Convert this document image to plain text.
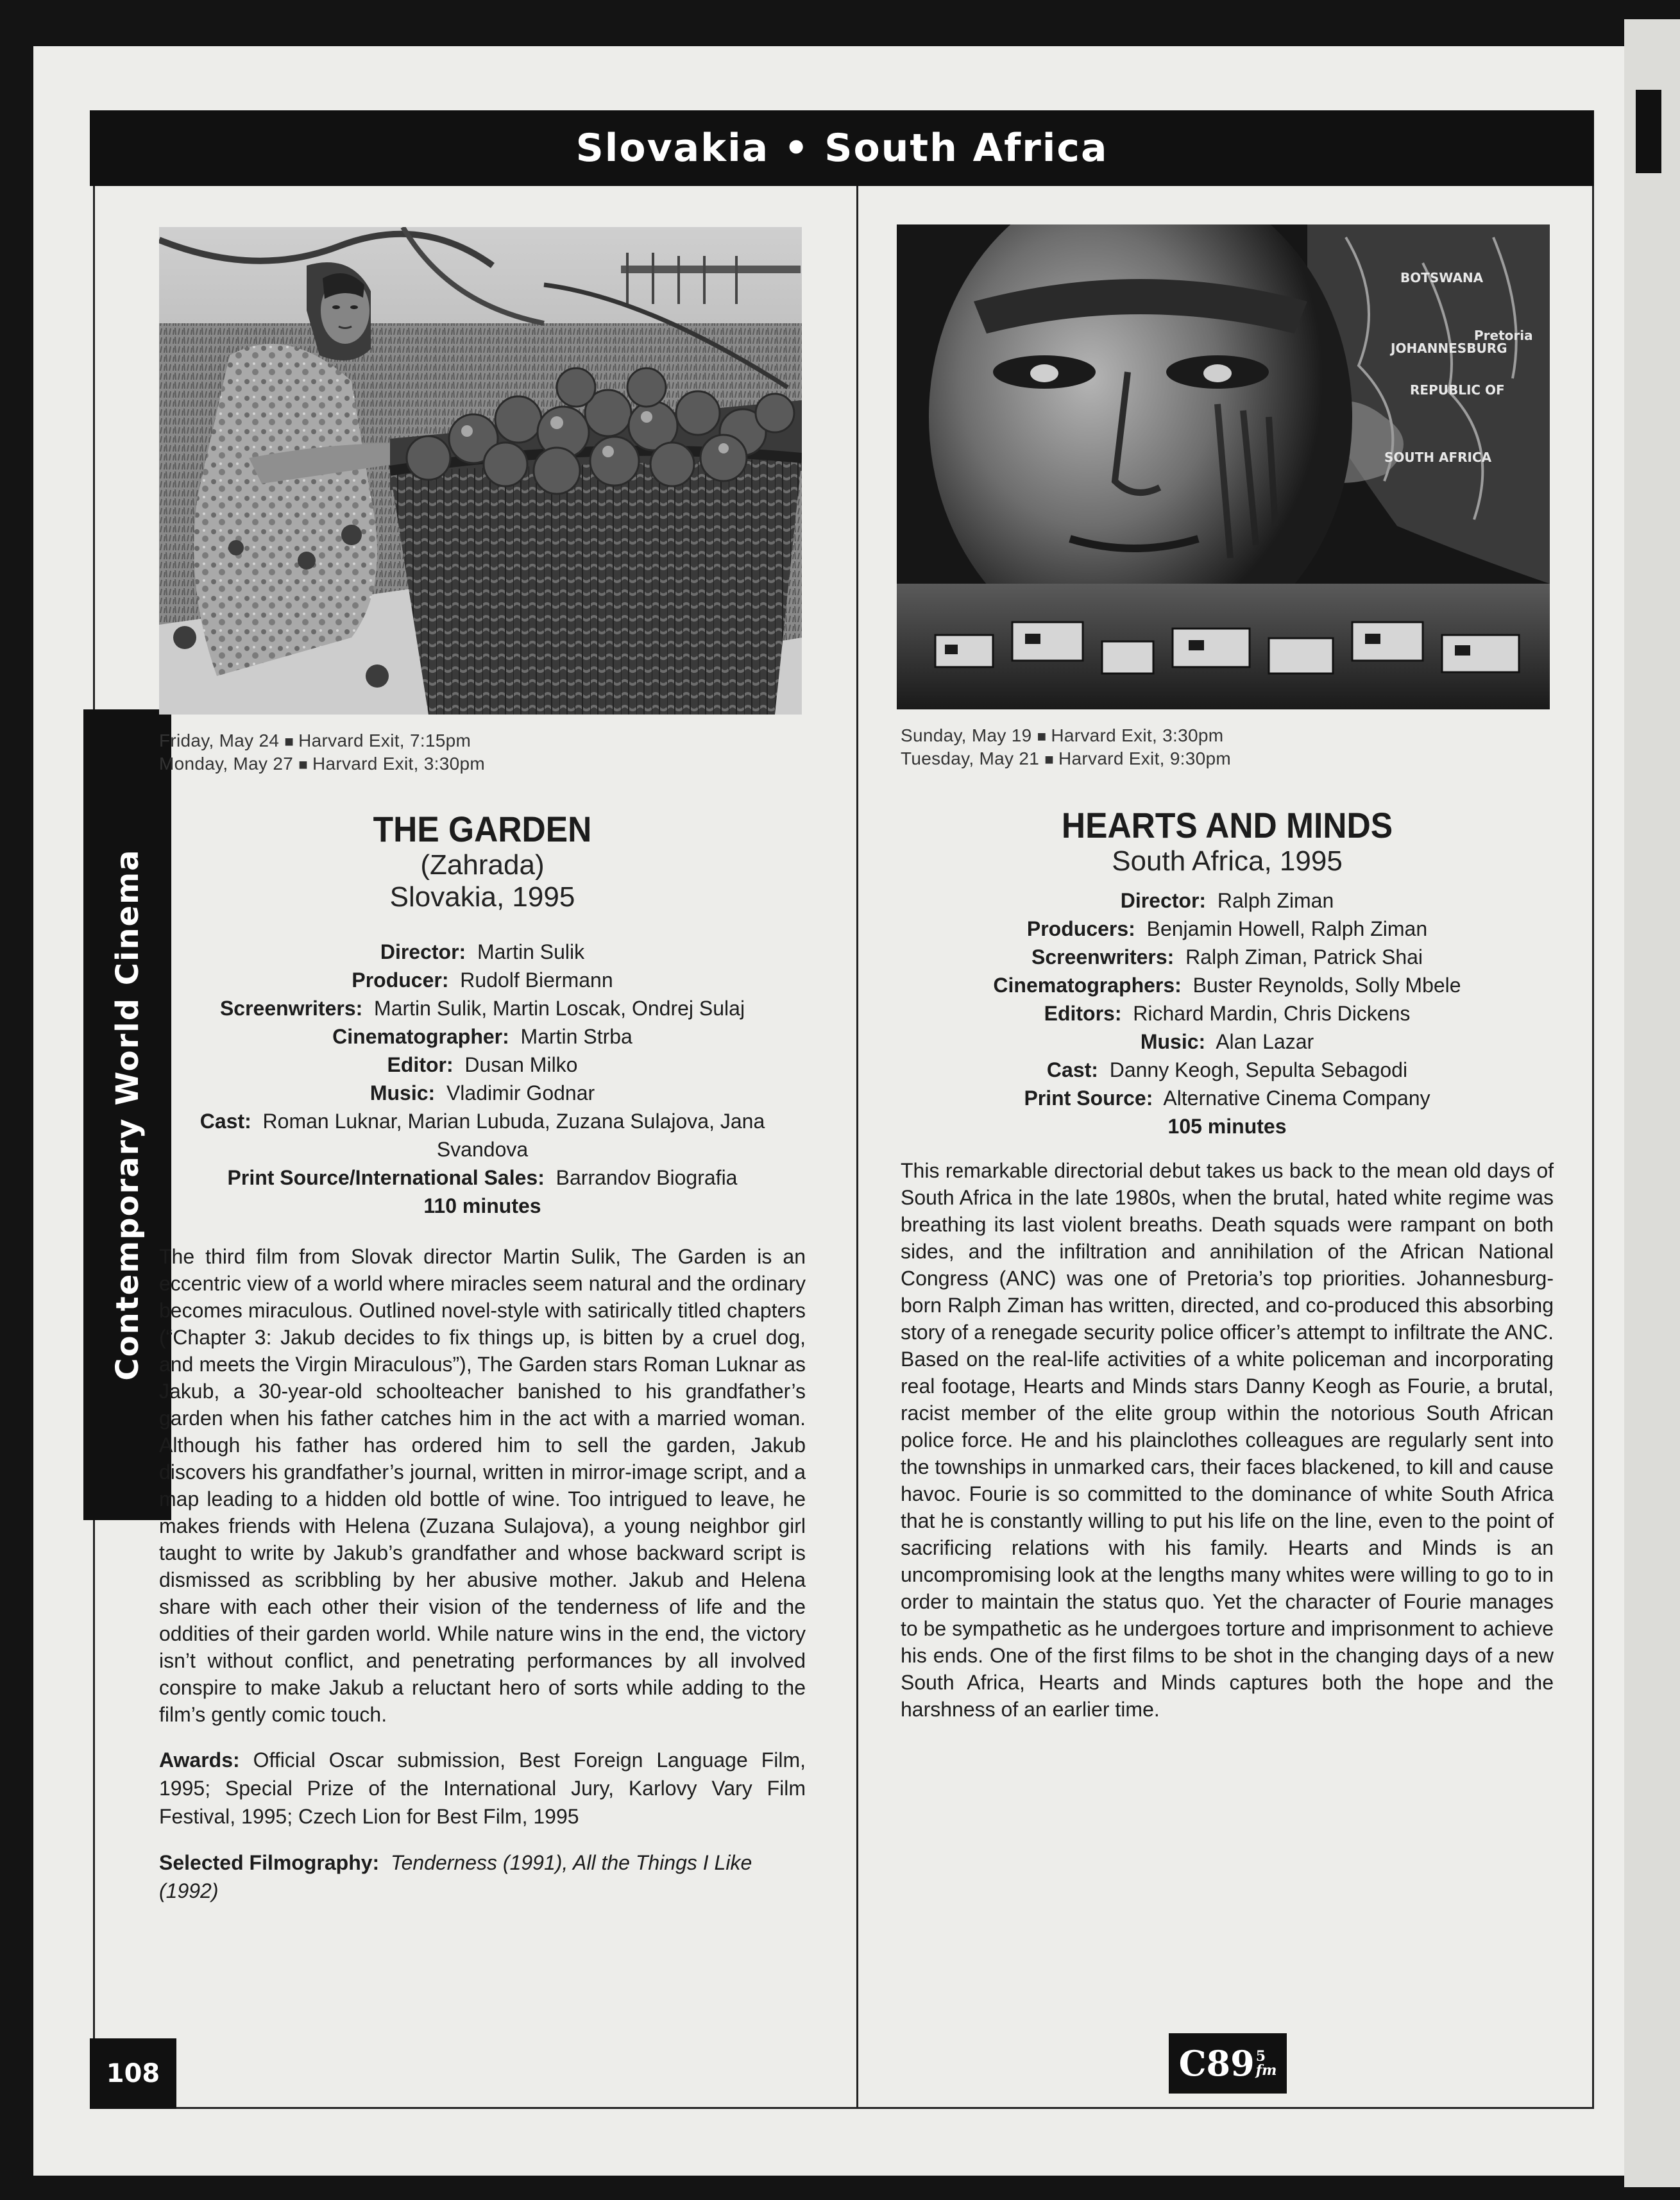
Slovakia • South Africa
Contemporary World Cinema
108
BOTSWANA
JOHANNESBURG
Pretoria
REPUBLIC OF
SOUTH AFRICA
Friday, May 24 ■ Harvard Exit, 7:15pm
Monday, May 27 ■ Harvard Exit, 3:30pm
THE GARDEN
(Zahrada)
Slovakia, 1995
Director: Martin Sulik
Producer: Rudolf Biermann
Screenwriters: Martin Sulik, Martin Loscak, Ondrej Sulaj
Cinematographer: Martin Strba
Editor: Dusan Milko
Music: Vladimir Godnar
Cast: Roman Luknar, Marian Lubuda, Zuzana Sulajova, Jana Svandova
Print Source/International Sales: Barrandov Biografia
110 minutes
The third film from Slovak director Martin Sulik, The Garden is an eccentric view of a world where miracles seem natural and the ordinary becomes miraculous. Outlined novel-style with satirically titled chapters (“Chapter 3: Jakub decides to fix things up, is bitten by a cruel dog, and meets the Virgin Miraculous”), The Garden stars Roman Luknar as Jakub, a 30-year-old schoolteacher banished to his grandfather’s garden when his father catches him in the act with a married woman. Although his father has ordered him to sell the garden, Jakub discovers his grandfather’s journal, written in mirror-image script, and a map leading to a hidden old bottle of wine. Too intrigued to leave, he makes friends with Helena (Zuzana Sulajova), a young neighbor girl taught to write by Jakub’s grandfather and whose backward script is dismissed as scribbling by her abusive mother. Jakub and Helena share with each other their vision of the tenderness of life and the oddities of their garden world. While nature wins in the end, the victory isn’t without conflict, and penetrating performances by all involved conspire to make Jakub a reluctant hero of sorts while adding to the film’s gently comic touch.
Awards: Official Oscar submission, Best Foreign Language Film, 1995; Special Prize of the International Jury, Karlovy Vary Film Festival, 1995; Czech Lion for Best Film, 1995
Selected Filmography: Tenderness (1991), All the Things I Like (1992)
Sunday, May 19 ■ Harvard Exit, 3:30pm
Tuesday, May 21 ■ Harvard Exit, 9:30pm
HEARTS AND MINDS
South Africa, 1995
Director: Ralph Ziman
Producers: Benjamin Howell, Ralph Ziman
Screenwriters: Ralph Ziman, Patrick Shai
Cinematographers: Buster Reynolds, Solly Mbele
Editors: Richard Mardin, Chris Dickens
Music: Alan Lazar
Cast: Danny Keogh, Sepulta Sebagodi
Print Source: Alternative Cinema Company
105 minutes
This remarkable directorial debut takes us back to the mean old days of South Africa in the late 1980s, when the brutal, hated white regime was breathing its last violent breaths. Death squads were rampant on both sides, and the infiltration and annihilation of the African National Congress (ANC) was one of Pretoria’s top priorities. Johannesburg-born Ralph Ziman has written, directed, and co-produced this absorbing story of a renegade security police officer’s attempt to infiltrate the ANC. Based on the real-life activities of a white policeman and incorporating real footage, Hearts and Minds stars Danny Keogh as Fourie, a brutal, racist member of the elite group within the notorious South African police force. He and his plainclothes colleagues are regularly sent into the townships in unmarked cars, their faces blackened, to kill and cause havoc. Fourie is so committed to the dominance of white South Africa that he is constantly willing to put his life on the line, even to the point of sacrificing relations with his family. Hearts and Minds is an uncompromising look at the lengths many whites were willing to go to in order to maintain the status quo. Yet the character of Fourie manages to be sympathetic as he undergoes torture and imprisonment to achieve his ends. One of the first films to be shot in the changing days of a new South Africa, Hearts and Minds captures both the hope and the harshness of an earlier time.
C89 5
fm
